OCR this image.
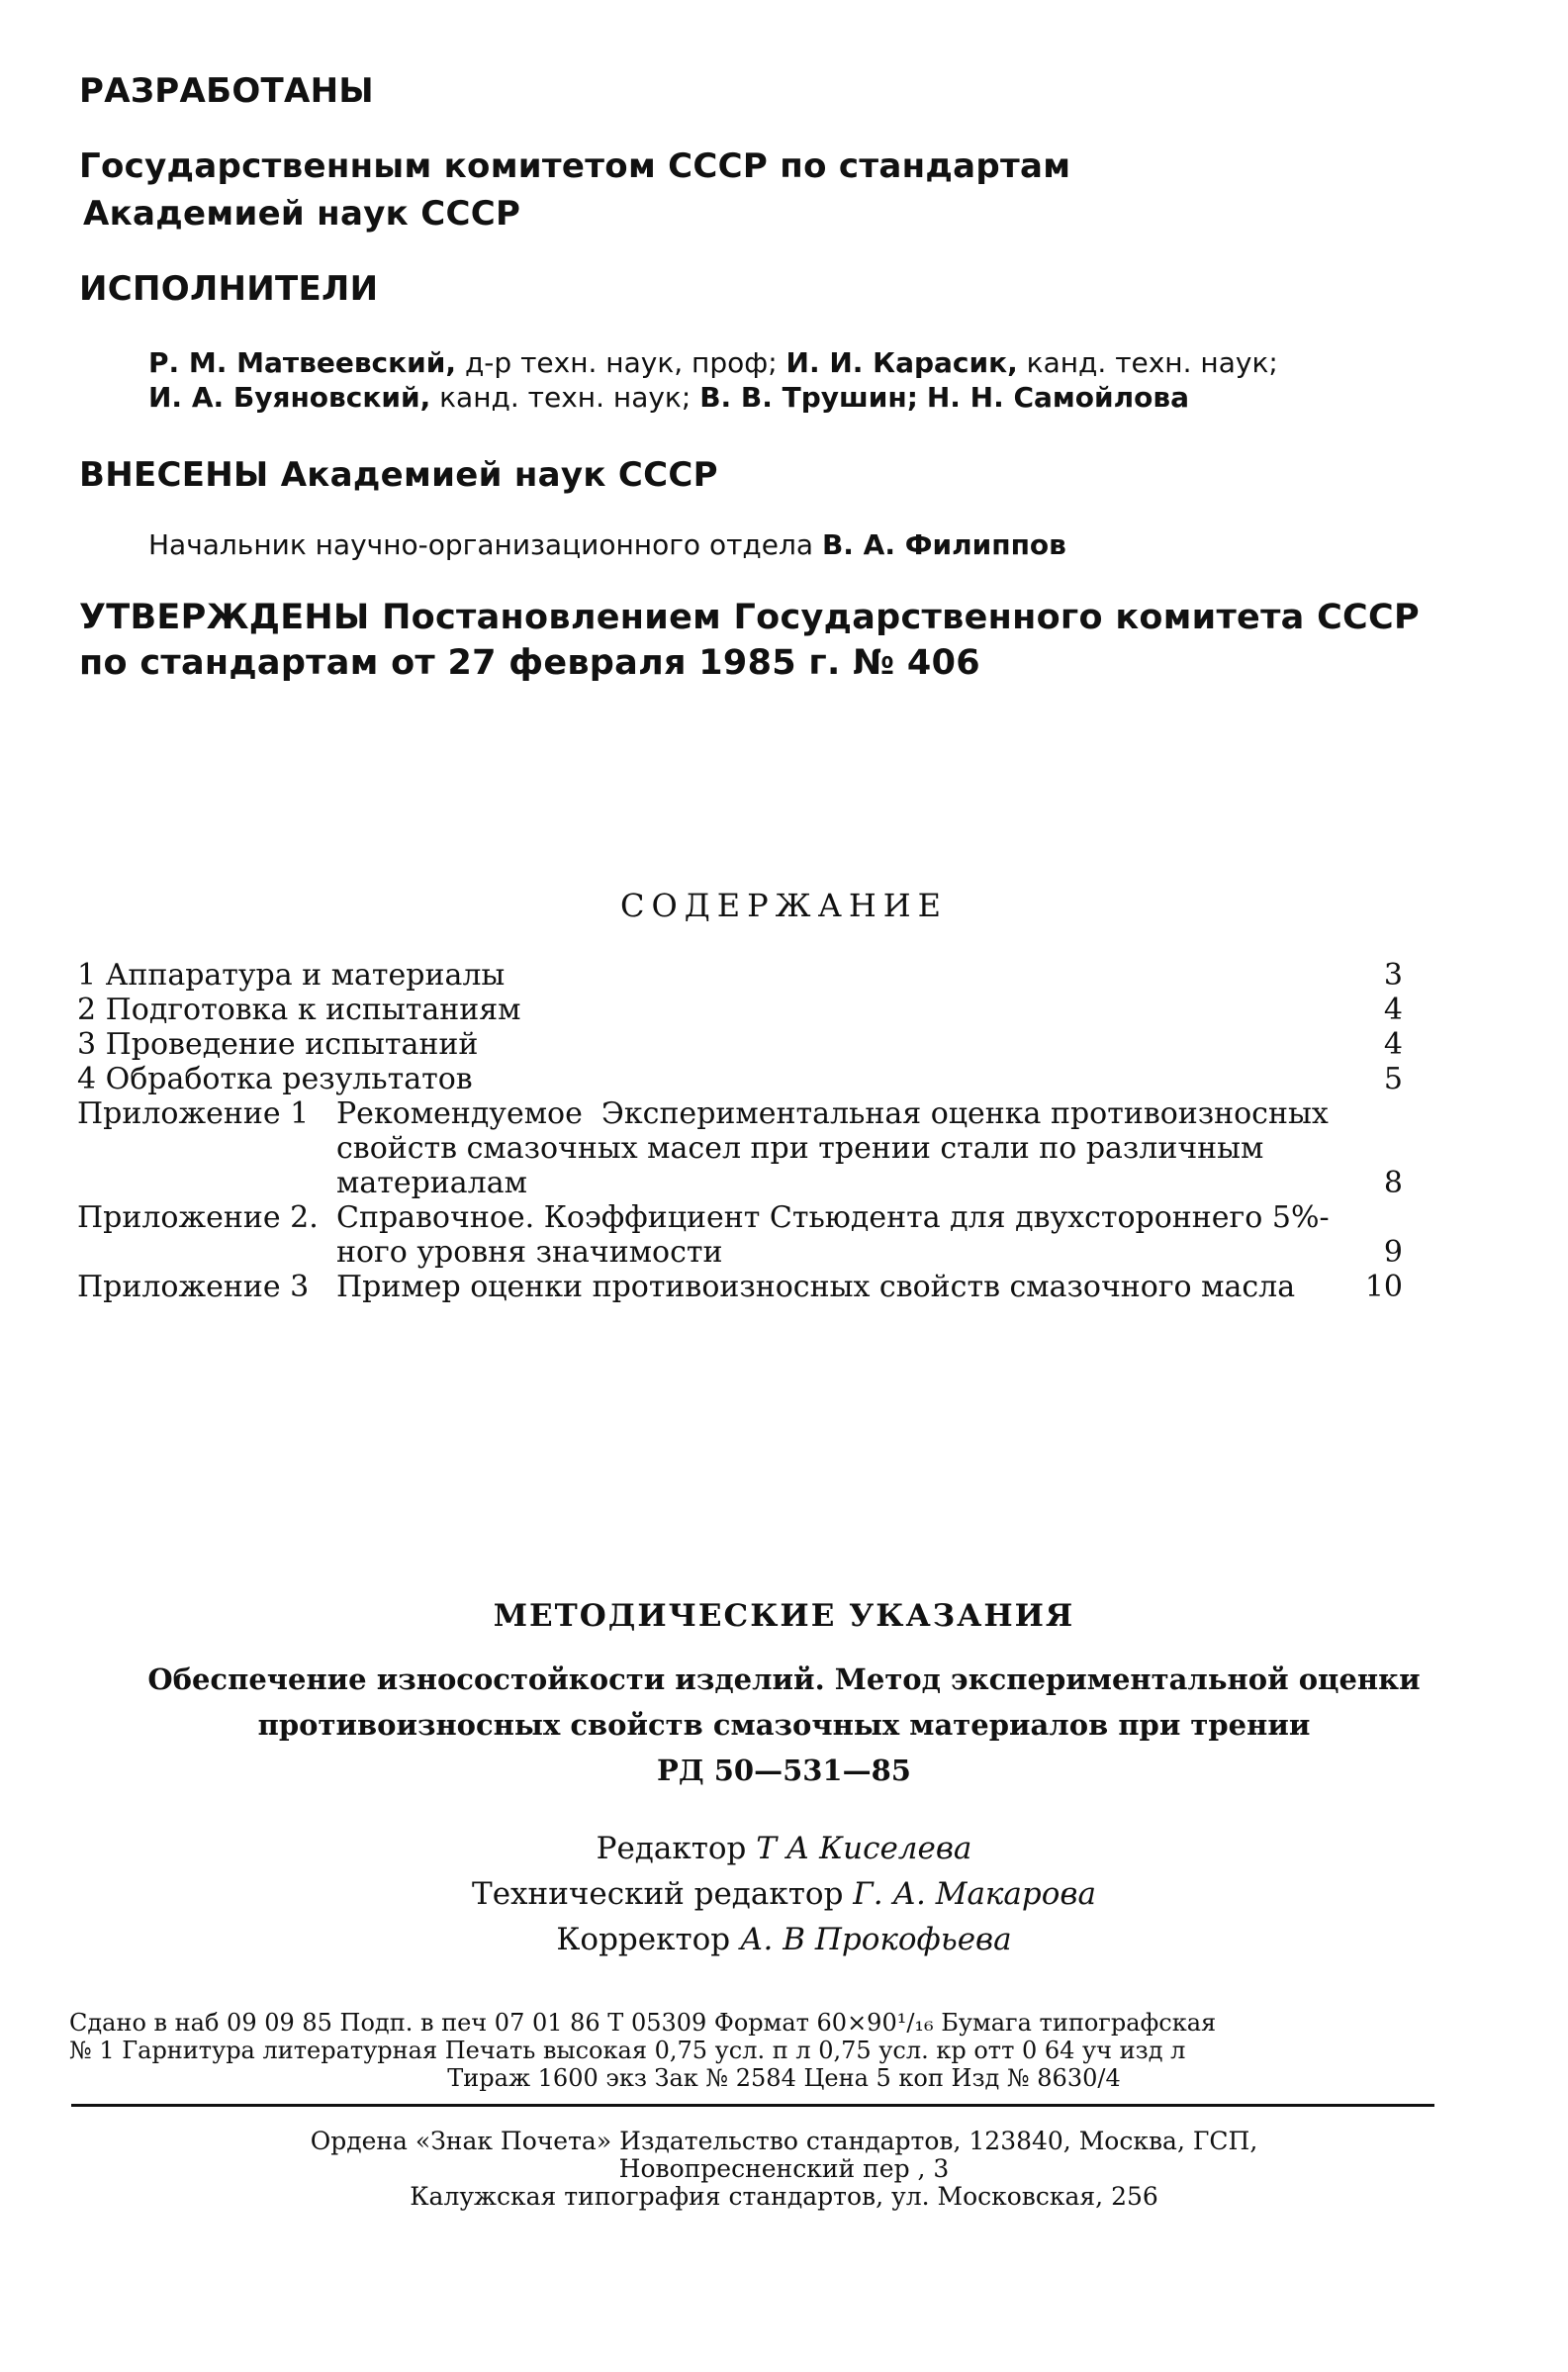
РАЗРАБОТАНЫ
Государственным комитетом СССР по стандартам
Академией наук СССР
ИСПОЛНИТЕЛИ
Р. М. Матвеевский, д-р техн. наук, проф; И. И. Карасик, канд. техн. наук;
И. А. Буяновский, канд. техн. наук; В. В. Трушин; Н. Н. Самойлова
ВНЕСЕНЫ Академией наук СССР
Начальник научно-организационного отдела В. А. Филиппов
УТВЕРЖДЕНЫ Постановлением Государственного комитета СССР
по стандартам от 27 февраля 1985 г. № 406
СОДЕРЖАНИЕ
1 Аппаратура и материалы	3
2 Подготовка к испытаниям	4
3 Проведение испытаний	4
4 Обработка результатов	5
Приложение 1 Рекомендуемое  Экспериментальная оценка противоизносных свойств смазочных масел при трении стали по различным материалам	8
Приложение 2. Справочное. Коэффициент Стьюдента для двухстороннего 5%-ного уровня значимости	9
Приложение 3 Пример оценки противоизносных свойств смазочного масла	10
МЕТОДИЧЕСКИЕ УКАЗАНИЯ
Обеспечение износостойкости изделий. Метод экспериментальной оценки
противоизносных свойств смазочных материалов при трении
РД 50—531—85
Редактор Т А Киселева
Технический редактор Г. А. Макарова
Корректор А. В Прокофьева
Сдано в наб 09 09 85 Подп. в печ 07 01 86 Т 05309 Формат 60×90¹/₁₆ Бумага типографская
№ 1 Гарнитура литературная Печать высокая 0,75 усл. п л 0,75 усл. кр отт 0 64 уч изд л
Тираж 1600 экз Зак № 2584 Цена 5 коп Изд № 8630/4
Ордена «Знак Почета» Издательство стандартов, 123840, Москва, ГСП,
Новопресненский пер , 3
Калужская типография стандартов, ул. Московская, 256
